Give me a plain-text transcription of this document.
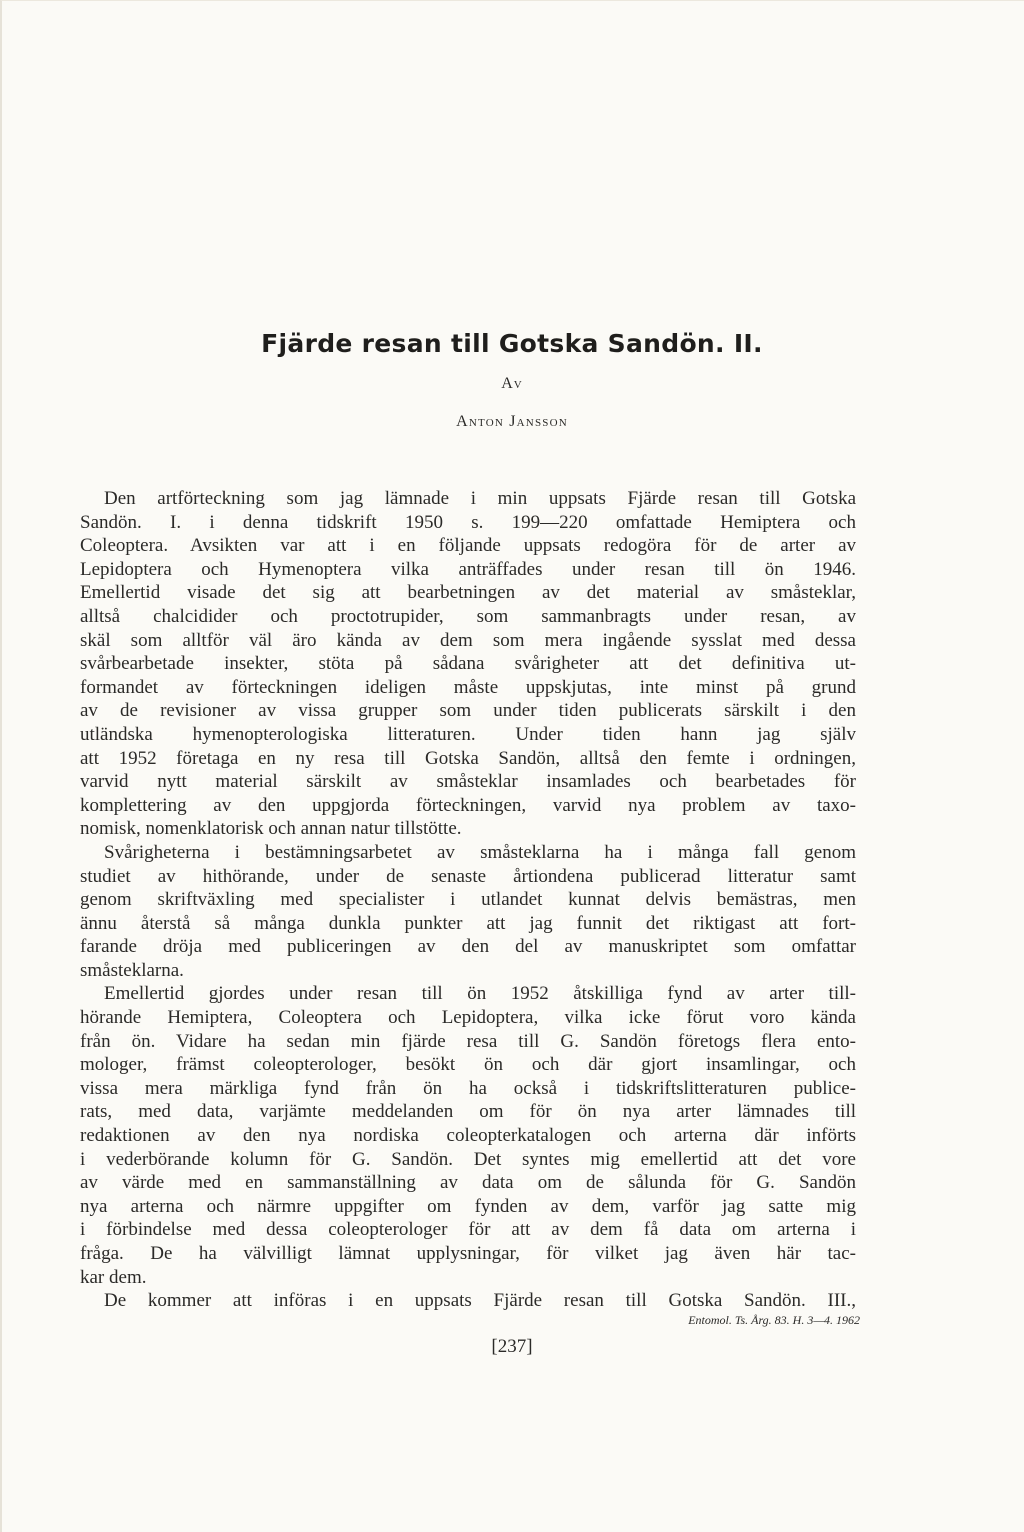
Fjärde resan till Gotska Sandön. II.

Av

Anton Jansson

Den artförteckning som jag lämnade i min uppsats Fjärde resan till Gotska
Sandön. I. i denna tidskrift 1950 s. 199—220 omfattade Hemiptera och
Coleoptera. Avsikten var att i en följande uppsats redogöra för de arter av
Lepidoptera och Hymenoptera vilka anträffades under resan till ön 1946.
Emellertid visade det sig att bearbetningen av det material av småsteklar,
alltså chalcidider och proctotrupider, som sammanbragts under resan, av
skäl som alltför väl äro kända av dem som mera ingående sysslat med dessa
svårbearbetade insekter, stöta på sådana svårigheter att det definitiva ut-
formandet av förteckningen ideligen måste uppskjutas, inte minst på grund
av de revisioner av vissa grupper som under tiden publicerats särskilt i den
utländska hymenopterologiska litteraturen. Under tiden hann jag själv
att 1952 företaga en ny resa till Gotska Sandön, alltså den femte i ordningen,
varvid nytt material särskilt av småsteklar insamlades och bearbetades för
komplettering av den uppgjorda förteckningen, varvid nya problem av taxo-
nomisk, nomenklatorisk och annan natur tillstötte.
Svårigheterna i bestämningsarbetet av småsteklarna ha i många fall genom
studiet av hithörande, under de senaste årtiondena publicerad litteratur samt
genom skriftväxling med specialister i utlandet kunnat delvis bemästras, men
ännu återstå så många dunkla punkter att jag funnit det riktigast att fort-
farande dröja med publiceringen av den del av manuskriptet som omfattar
småsteklarna.
Emellertid gjordes under resan till ön 1952 åtskilliga fynd av arter till-
hörande Hemiptera, Coleoptera och Lepidoptera, vilka icke förut voro kända
från ön. Vidare ha sedan min fjärde resa till G. Sandön företogs flera ento-
mologer, främst coleopterologer, besökt ön och där gjort insamlingar, och
vissa mera märkliga fynd från ön ha också i tidskriftslitteraturen publice-
rats, med data, varjämte meddelanden om för ön nya arter lämnades till
redaktionen av den nya nordiska coleopterkatalogen och arterna där införts
i vederbörande kolumn för G. Sandön. Det syntes mig emellertid att det vore
av värde med en sammanställning av data om de sålunda för G. Sandön
nya arterna och närmre uppgifter om fynden av dem, varför jag satte mig
i förbindelse med dessa coleopterologer för att av dem få data om arterna i
fråga. De ha välvilligt lämnat upplysningar, för vilket jag även här tac-
kar dem.
De kommer att införas i en uppsats Fjärde resan till Gotska Sandön. III.,

Entomol. Ts. Årg. 83. H. 3—4. 1962

[237]
